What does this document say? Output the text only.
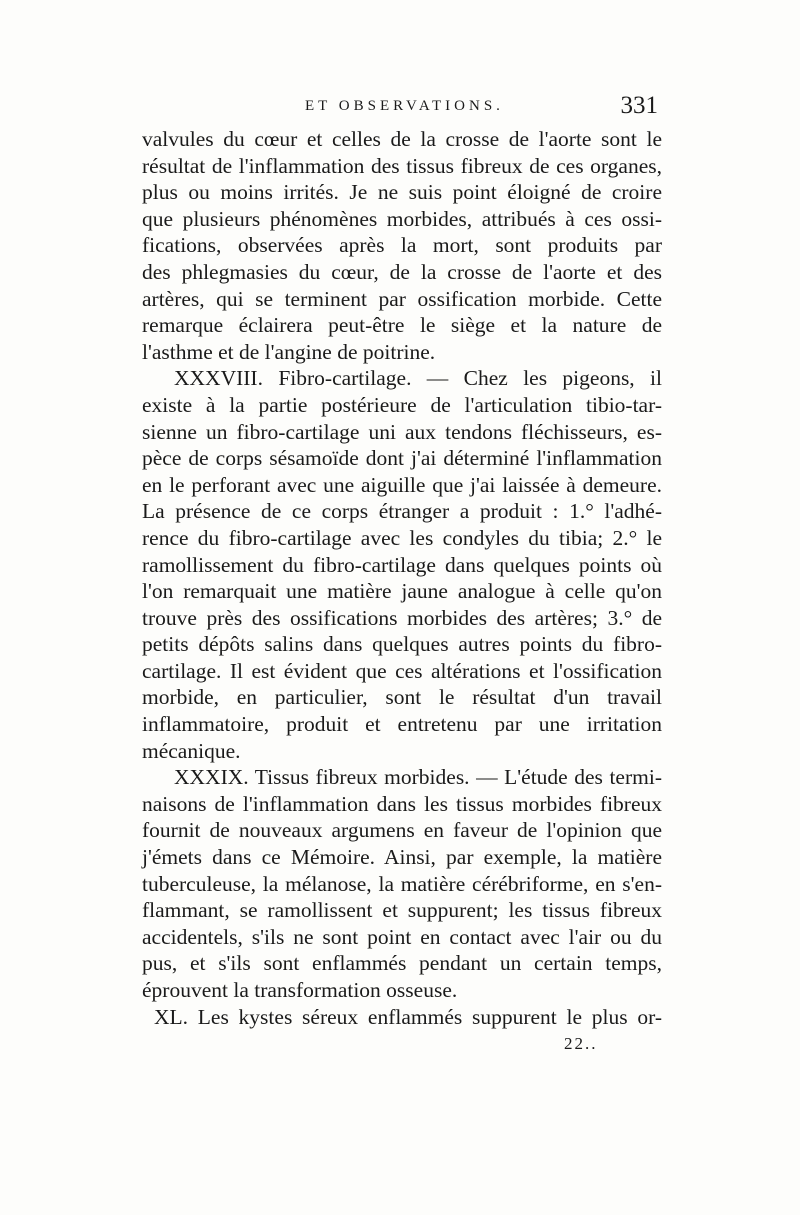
ET OBSERVATIONS.	331
valvules du cœur et celles de la crosse de l'aorte sont le
résultat de l'inflammation des tissus fibreux de ces organes,
plus ou moins irrités. Je ne suis point éloigné de croire
que plusieurs phénomènes morbides, attribués à ces ossi-
fications, observées après la mort, sont produits par
des phlegmasies du cœur, de la crosse de l'aorte et des
artères, qui se terminent par ossification morbide. Cette
remarque éclairera peut-être le siège et la nature de
l'asthme et de l'angine de poitrine.
XXXVIII. Fibro-cartilage. — Chez les pigeons, il
existe à la partie postérieure de l'articulation tibio-tar-
sienne un fibro-cartilage uni aux tendons fléchisseurs, es-
pèce de corps sésamoïde dont j'ai déterminé l'inflammation
en le perforant avec une aiguille que j'ai laissée à demeure.
La présence de ce corps étranger a produit : 1.° l'adhé-
rence du fibro-cartilage avec les condyles du tibia; 2.° le
ramollissement du fibro-cartilage dans quelques points où
l'on remarquait une matière jaune analogue à celle qu'on
trouve près des ossifications morbides des artères; 3.° de
petits dépôts salins dans quelques autres points du fibro-
cartilage. Il est évident que ces altérations et l'ossification
morbide, en particulier, sont le résultat d'un travail
inflammatoire, produit et entretenu par une irritation
mécanique.
XXXIX. Tissus fibreux morbides. — L'étude des termi-
naisons de l'inflammation dans les tissus morbides fibreux
fournit de nouveaux argumens en faveur de l'opinion que
j'émets dans ce Mémoire. Ainsi, par exemple, la matière
tuberculeuse, la mélanose, la matière cérébriforme, en s'en-
flammant, se ramollissent et suppurent; les tissus fibreux
accidentels, s'ils ne sont point en contact avec l'air ou du
pus, et s'ils sont enflammés pendant un certain temps,
éprouvent la transformation osseuse.
XL. Les kystes séreux enflammés suppurent le plus or-
22..
